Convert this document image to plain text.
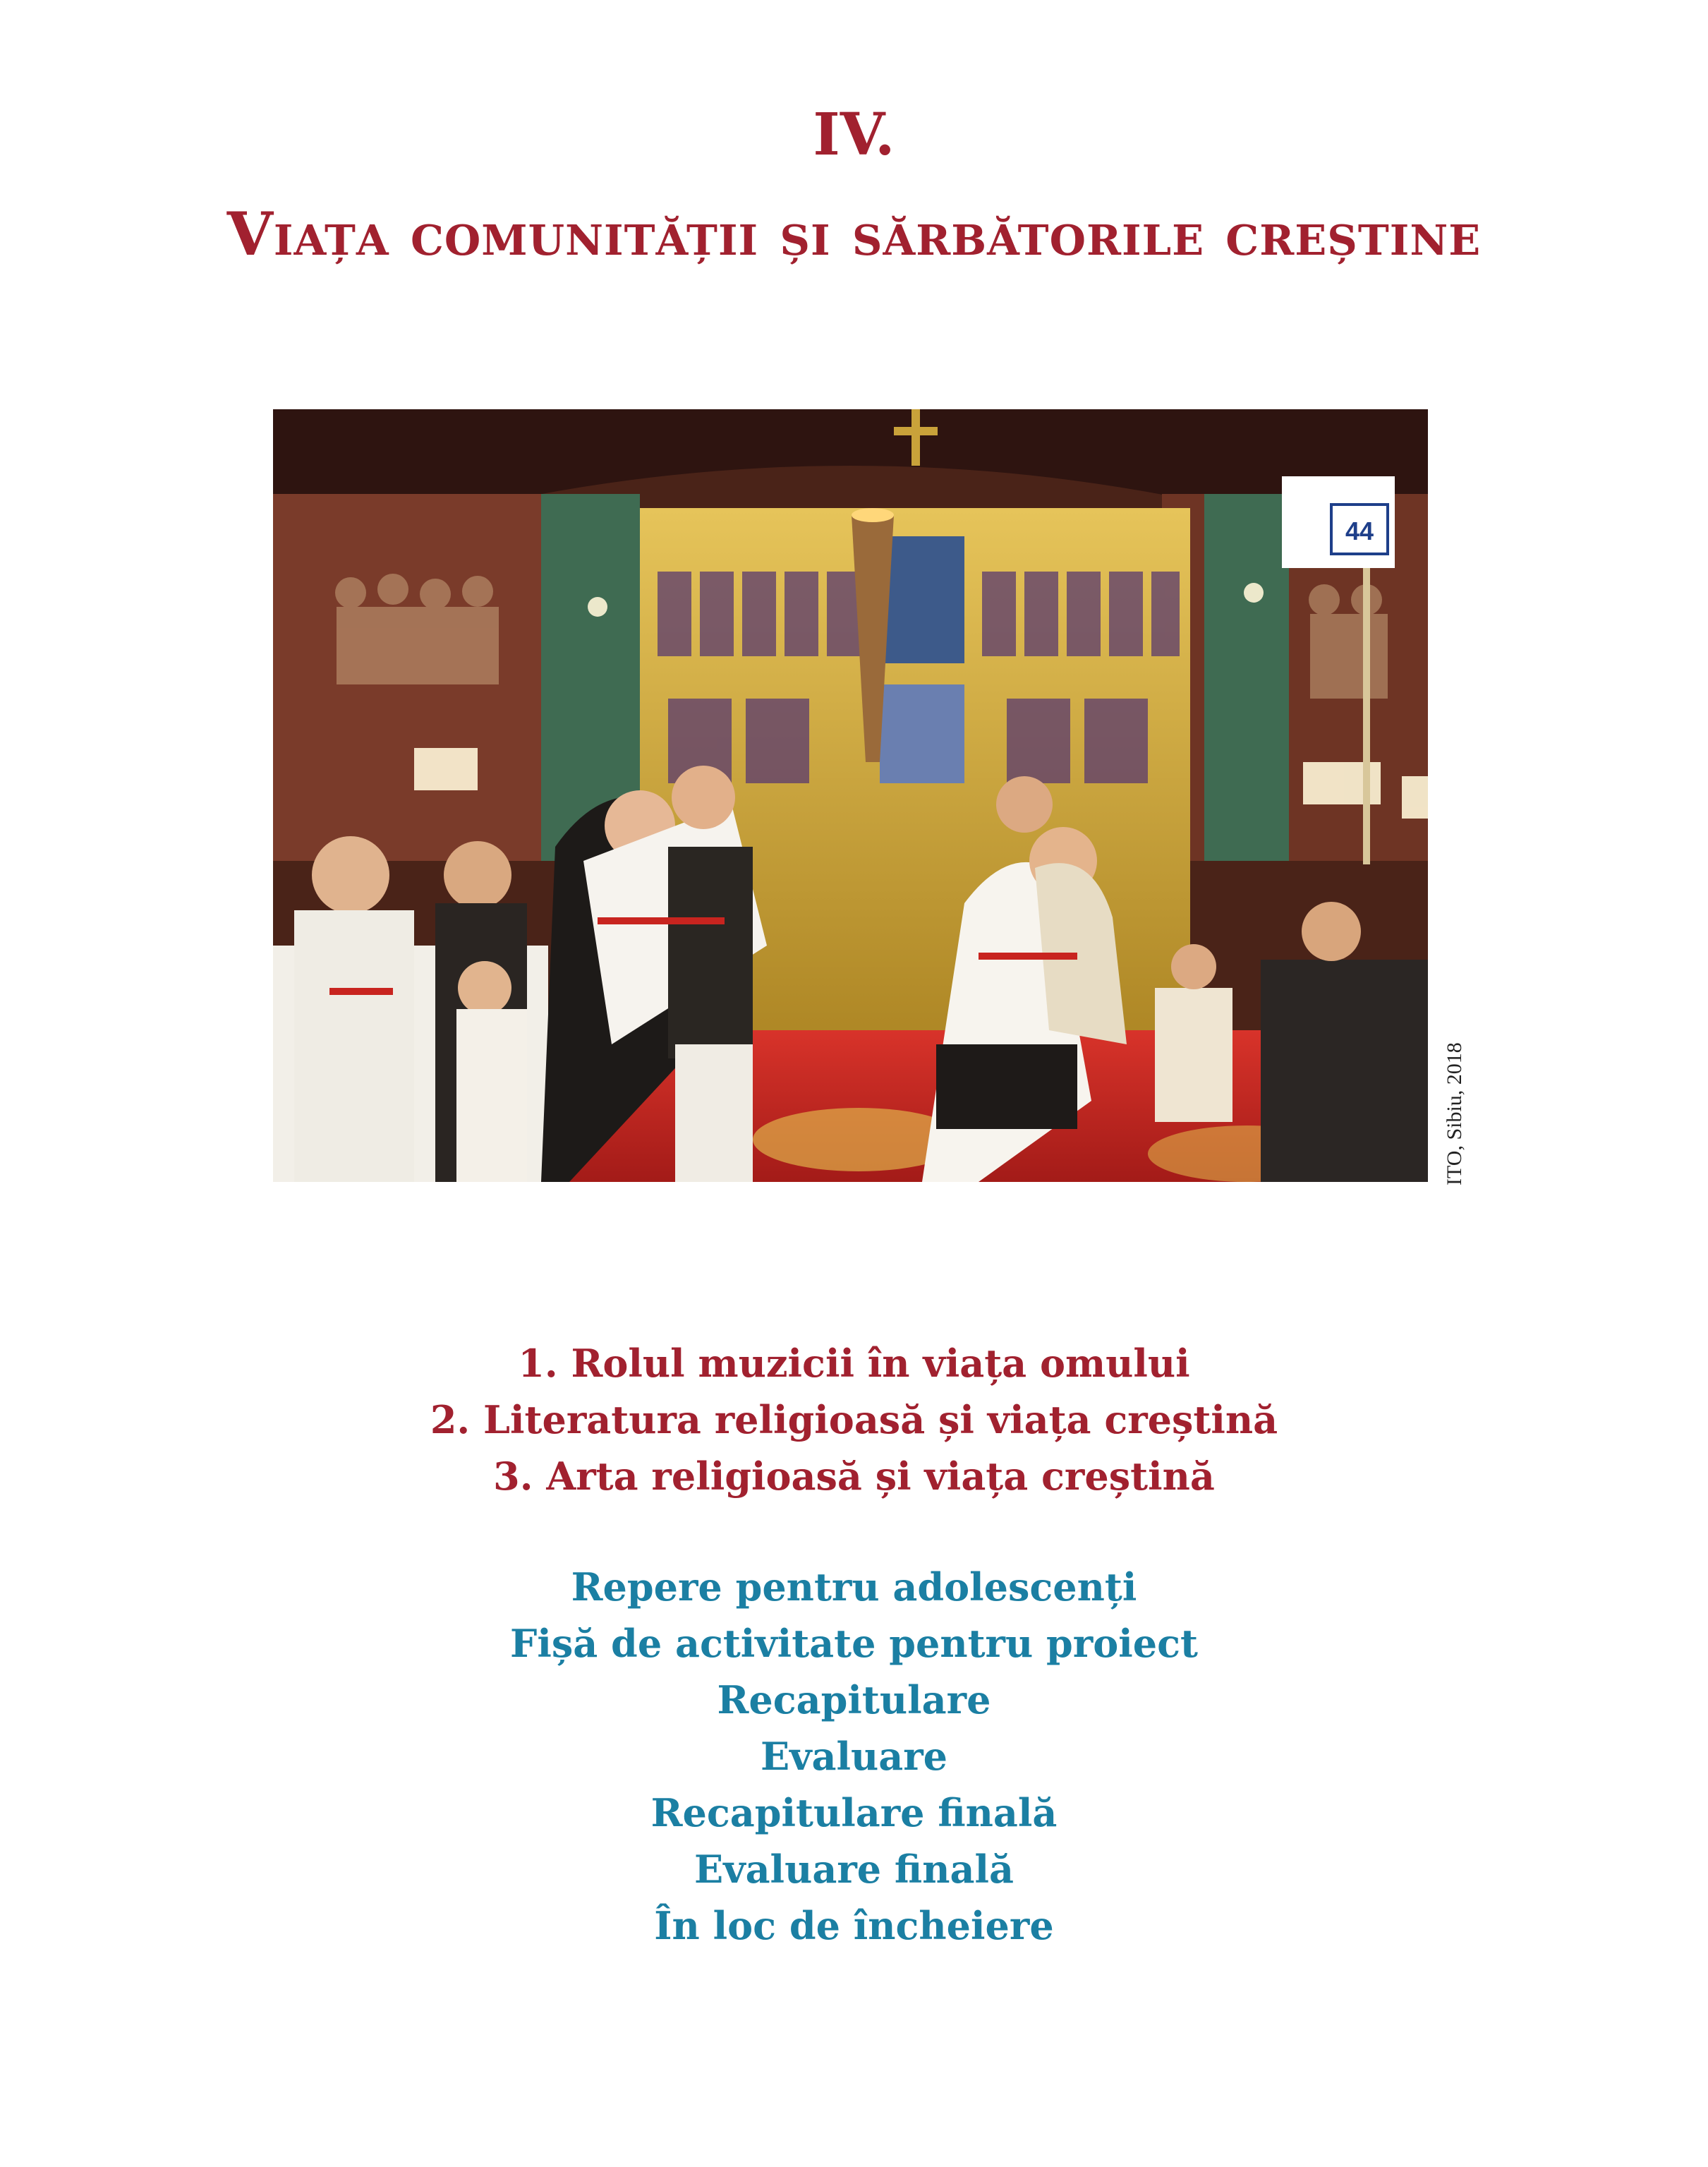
IV.
Viața comunității și sărbătorile creștine
44
ITO, Sibiu, 2018
1. Rolul muzicii în viața omului
2. Literatura religioasă și viața creștină
3. Arta religioasă și viața creștină
Repere pentru adolescenți
Fișă de activitate pentru proiect
Recapitulare
Evaluare
Recapitulare finală
Evaluare finală
În loc de încheiere
